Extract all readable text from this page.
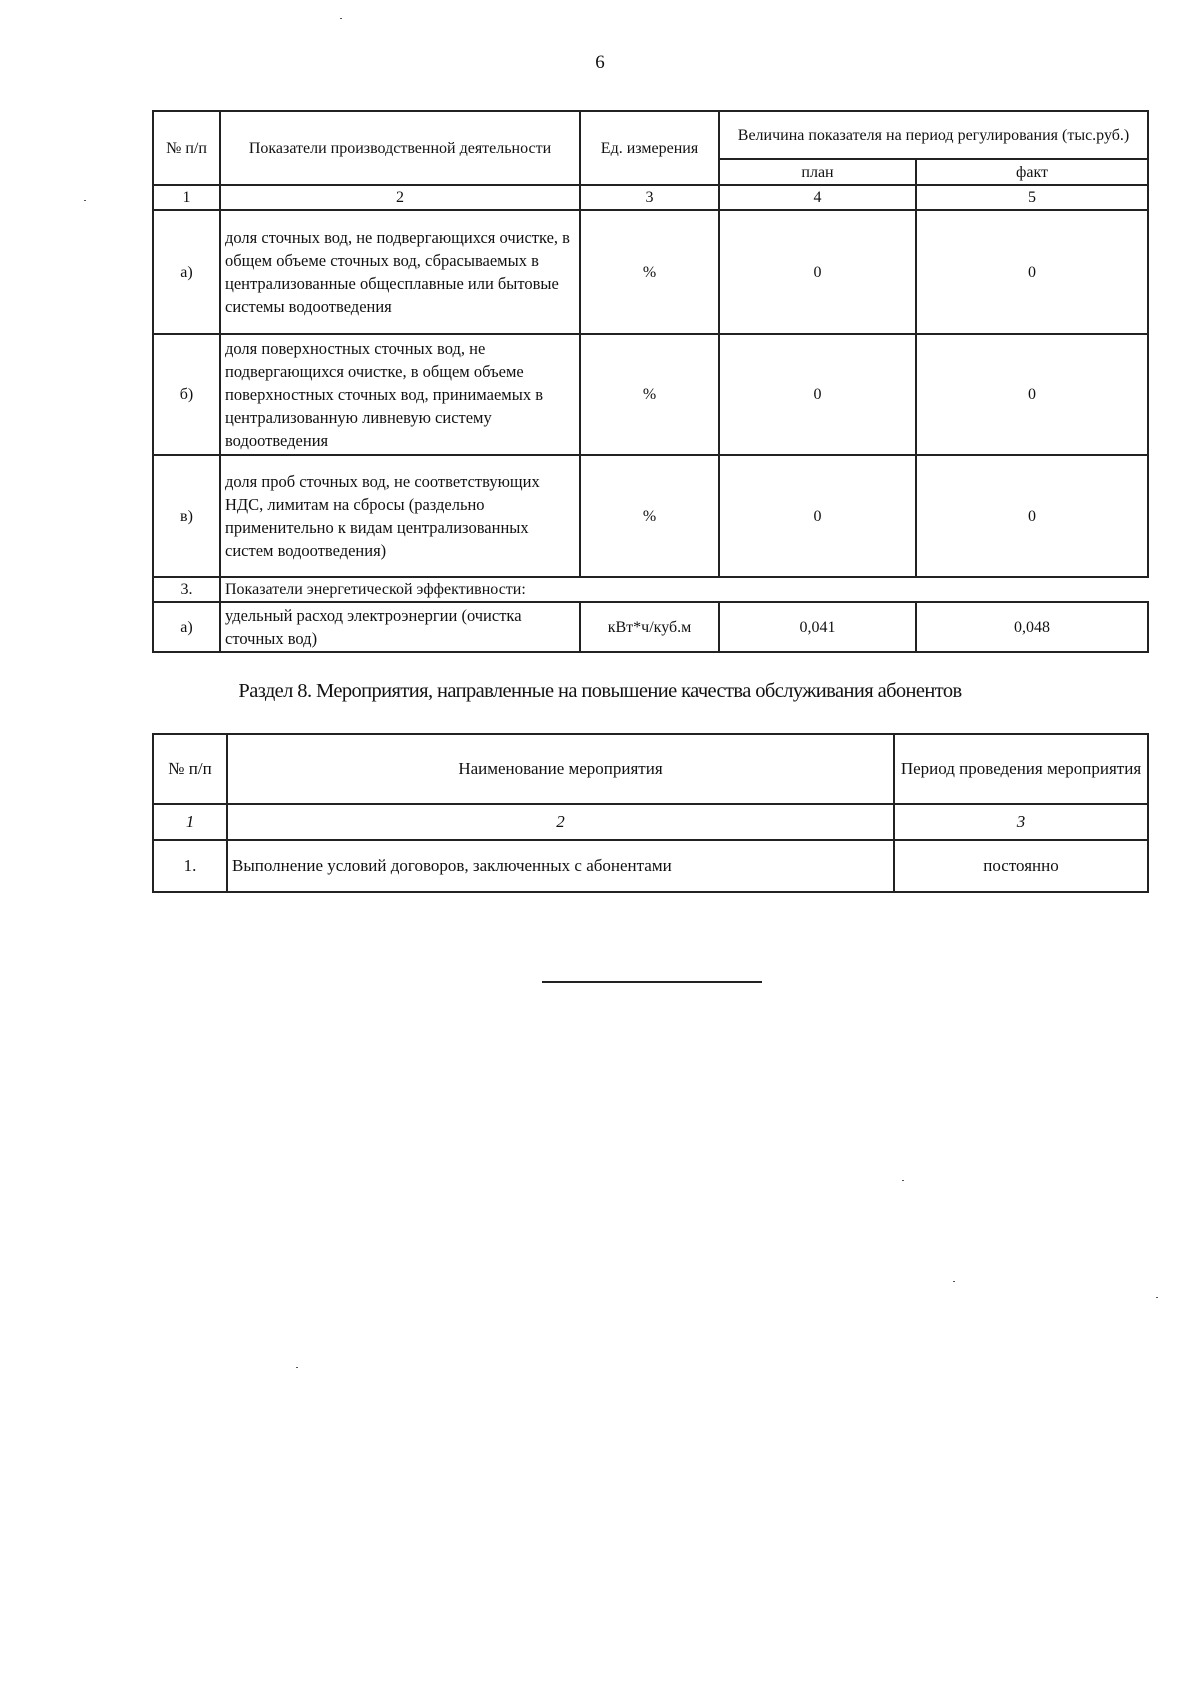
6
№ п/п	Показатели производственной деятельности	Ед. измерения	Величина показателя на период регулирования (тыс.руб.)	
			план	факт
1	2	3	4	5
а)	доля сточных вод, не подвергающихся очистке, в общем объеме сточных вод, сбрасываемых в централизованные общесплавные или бытовые системы водоотведения	%	0	0
б)	доля поверхностных сточных вод, не подвергающихся очистке, в общем объеме поверхностных сточных вод, принимаемых в централизованную ливневую систему водоотведения	%	0	0
в)	доля проб сточных вод, не соответствующих НДС, лимитам на сбросы (раздельно применительно к видам централизованных систем водоотведения)	%	0	0
3.	Показатели энергетической эффективности:			
а)	удельный расход электроэнергии (очистка сточных вод)	кВт*ч/куб.м	0,041	0,048
Раздел 8. Мероприятия, направленные на повышение качества обслуживания абонентов
№ п/п	Наименование мероприятия	Период проведения мероприятия
1	2	3
1.	Выполнение условий договоров, заключенных с абонентами	постоянно
